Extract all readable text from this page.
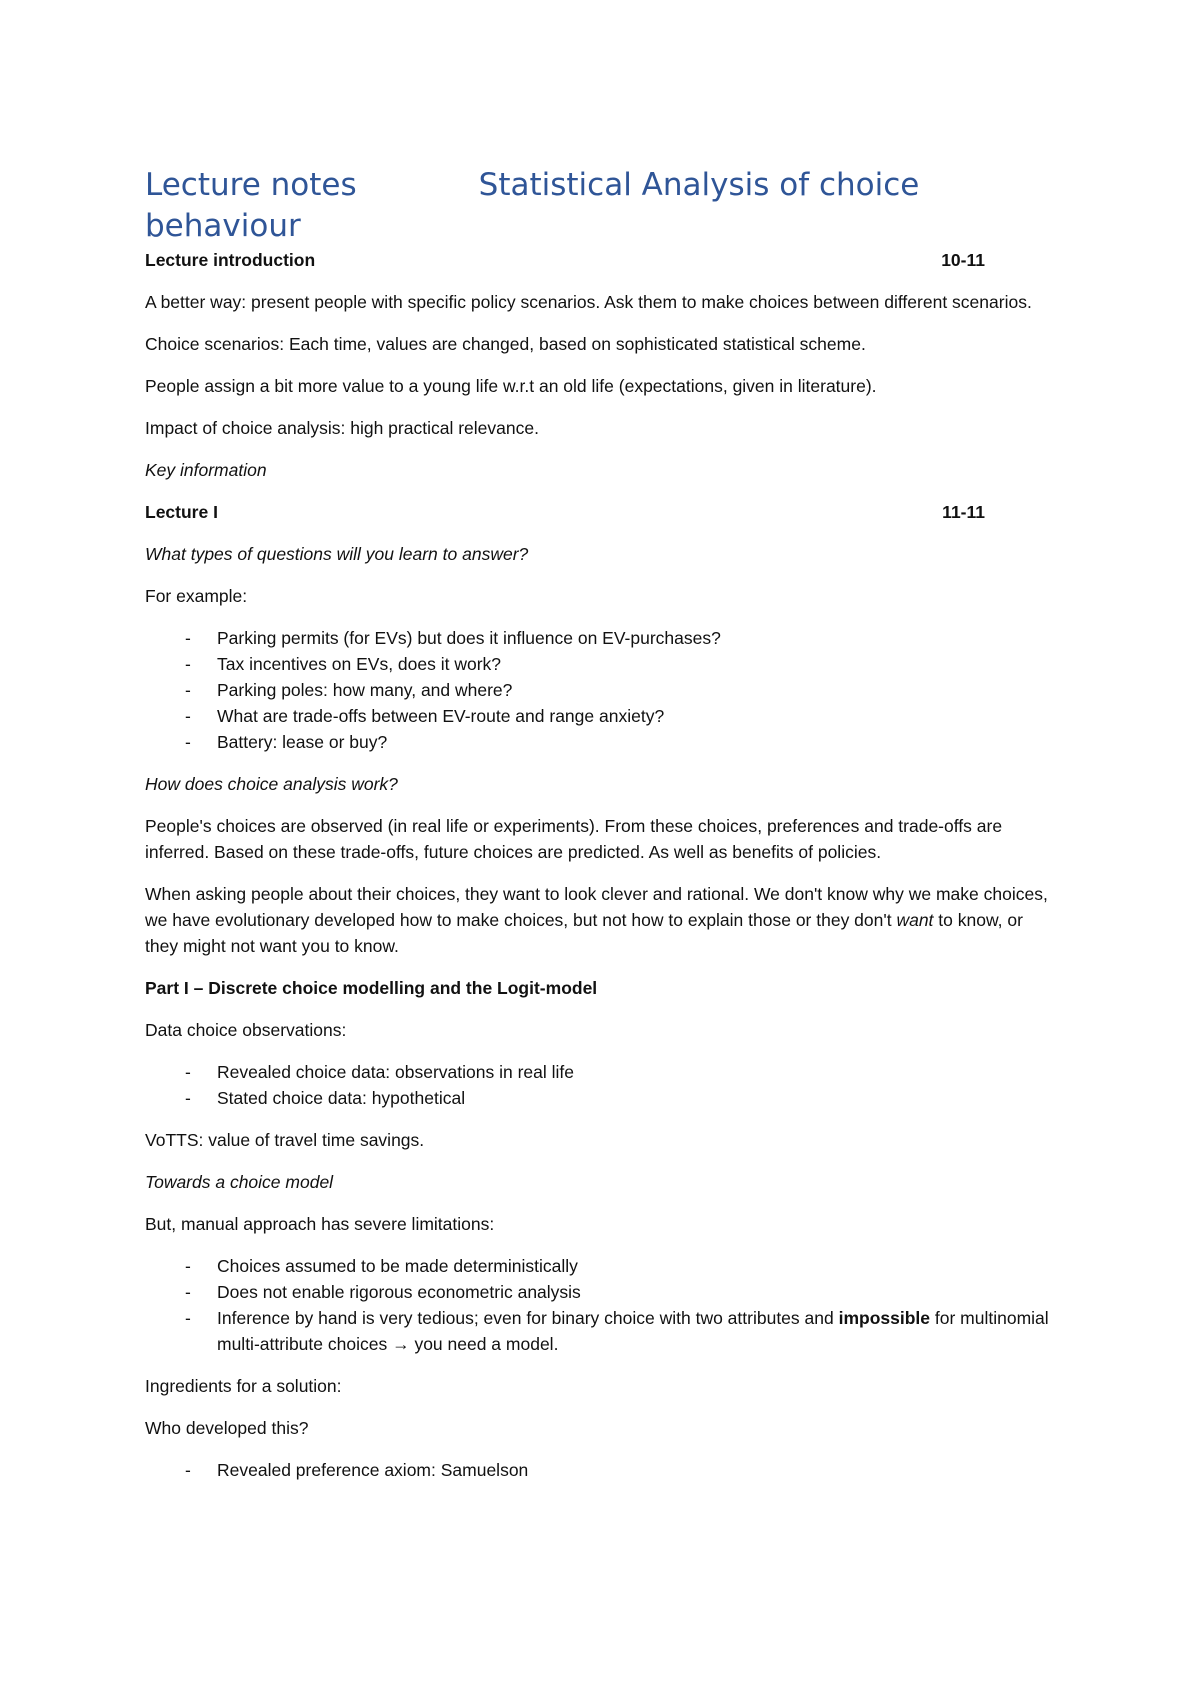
Lecture notes	Statistical Analysis of choice
behaviour
Lecture introduction	10-11

A better way: present people with specific policy scenarios. Ask them to make choices between different scenarios.

Choice scenarios: Each time, values are changed, based on sophisticated statistical scheme.

People assign a bit more value to a young life w.r.t an old life (expectations, given in literature).

Impact of choice analysis: high practical relevance.

Key information

Lecture I	11-11

What types of questions will you learn to answer?

For example:

- Parking permits (for EVs) but does it influence on EV-purchases?
- Tax incentives on EVs, does it work?
- Parking poles: how many, and where?
- What are trade-offs between EV-route and range anxiety?
- Battery: lease or buy?

How does choice analysis work?

People's choices are observed (in real life or experiments). From these choices, preferences and trade-offs are inferred. Based on these trade-offs, future choices are predicted. As well as benefits of policies.

When asking people about their choices, they want to look clever and rational. We don't know why we make choices, we have evolutionary developed how to make choices, but not how to explain those or they don't want to know, or they might not want you to know.

Part I – Discrete choice modelling and the Logit-model

Data choice observations:

- Revealed choice data: observations in real life
- Stated choice data: hypothetical

VoTTS: value of travel time savings.

Towards a choice model

But, manual approach has severe limitations:

- Choices assumed to be made deterministically
- Does not enable rigorous econometric analysis
- Inference by hand is very tedious; even for binary choice with two attributes and impossible for multinomial multi-attribute choices → you need a model.

Ingredients for a solution:

Who developed this?

- Revealed preference axiom: Samuelson
